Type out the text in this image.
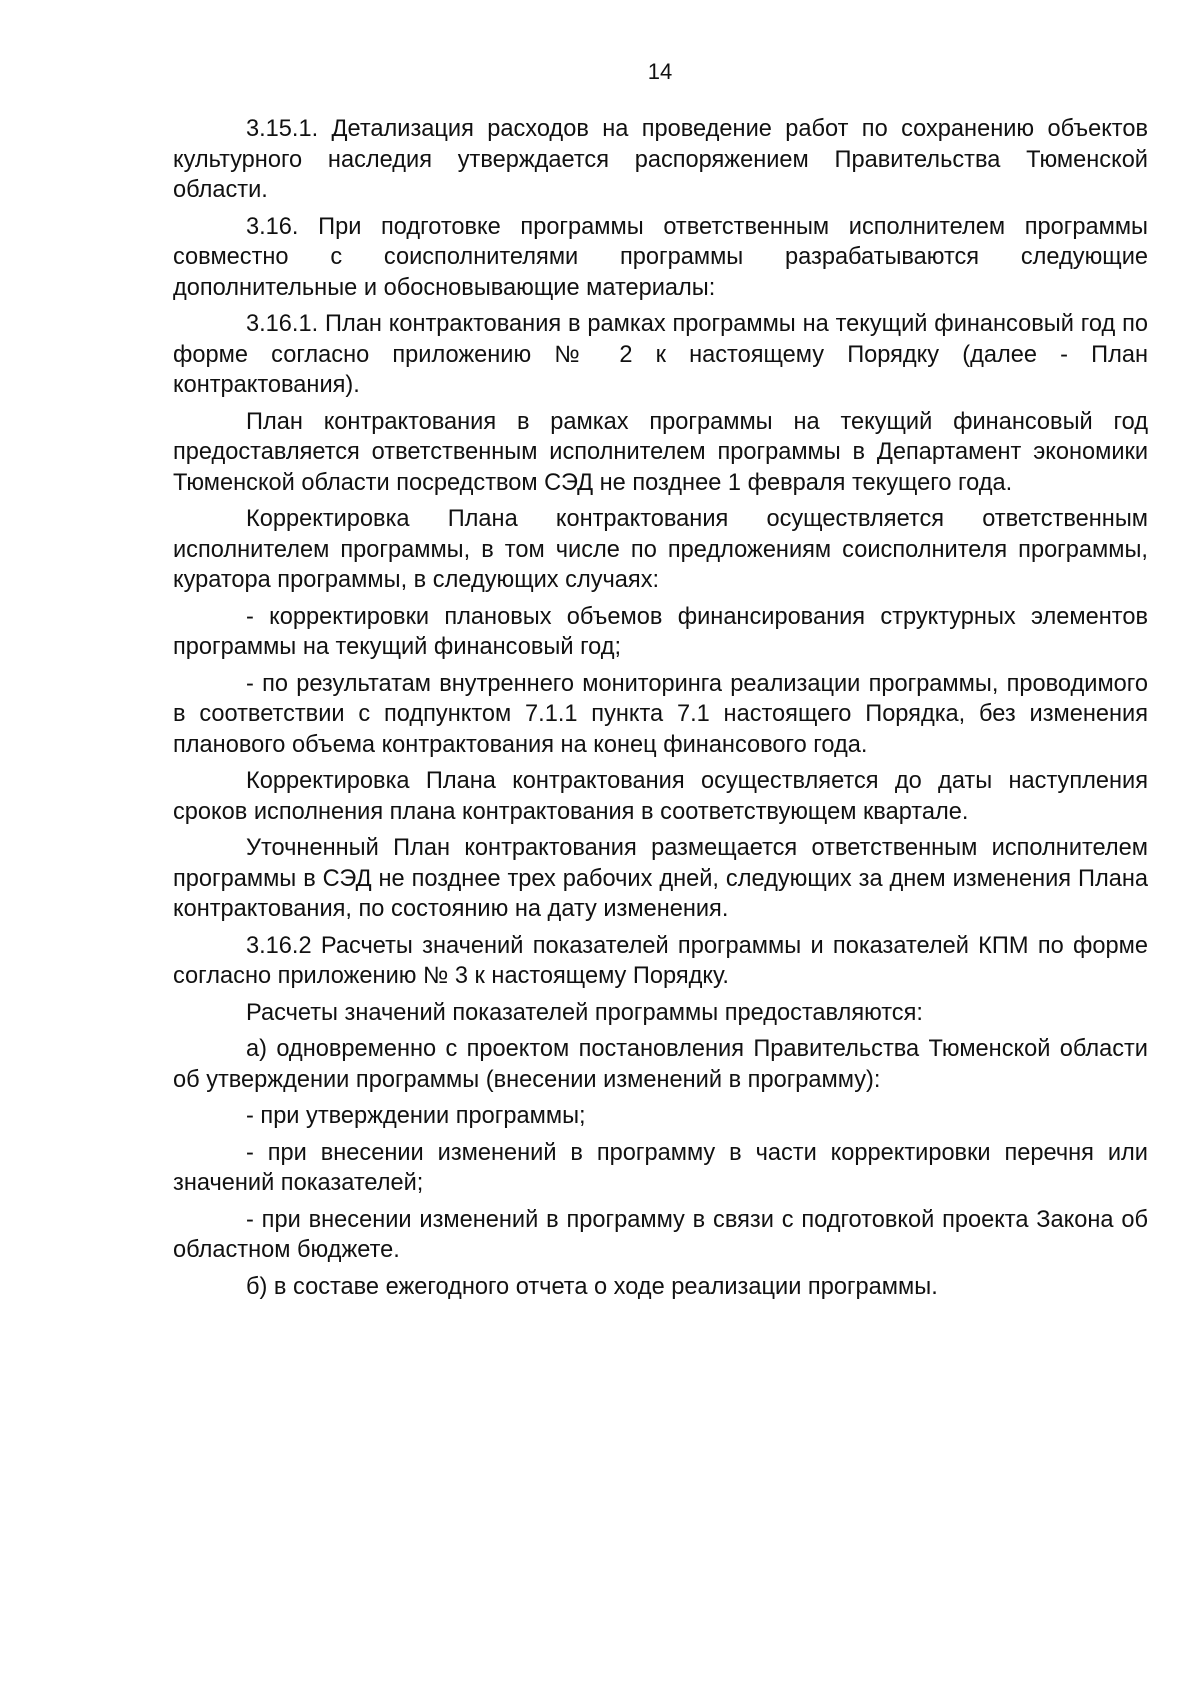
14

3.15.1. Детализация расходов на проведение работ по сохранению объектов культурного наследия утверждается распоряжением Правительства Тюменской области.

3.16. При подготовке программы ответственным исполнителем программы совместно с соисполнителями программы разрабатываются следующие дополнительные и обосновывающие материалы:

3.16.1. План контрактования в рамках программы на текущий финансовый год по форме согласно приложению № 2 к настоящему Порядку (далее - План контрактования).

План контрактования в рамках программы на текущий финансовый год предоставляется ответственным исполнителем программы в Департамент экономики Тюменской области посредством СЭД не позднее 1 февраля текущего года.

Корректировка Плана контрактования осуществляется ответственным исполнителем программы, в том числе по предложениям соисполнителя программы, куратора программы, в следующих случаях:

- корректировки плановых объемов финансирования структурных элементов программы на текущий финансовый год;

- по результатам внутреннего мониторинга реализации программы, проводимого в соответствии с подпунктом 7.1.1 пункта 7.1 настоящего Порядка, без изменения планового объема контрактования на конец финансового года.

Корректировка Плана контрактования осуществляется до даты наступления сроков исполнения плана контрактования в соответствующем квартале.

Уточненный План контрактования размещается ответственным исполнителем программы в СЭД не позднее трех рабочих дней, следующих за днем изменения Плана контрактования, по состоянию на дату изменения.

3.16.2 Расчеты значений показателей программы и показателей КПМ по форме согласно приложению № 3 к настоящему Порядку.

Расчеты значений показателей программы предоставляются:

а) одновременно с проектом постановления Правительства Тюменской области об утверждении программы (внесении изменений в программу):

- при утверждении программы;

- при внесении изменений в программу в части корректировки перечня или значений показателей;

- при внесении изменений в программу в связи с подготовкой проекта Закона об областном бюджете.

б) в составе ежегодного отчета о ходе реализации программы.
